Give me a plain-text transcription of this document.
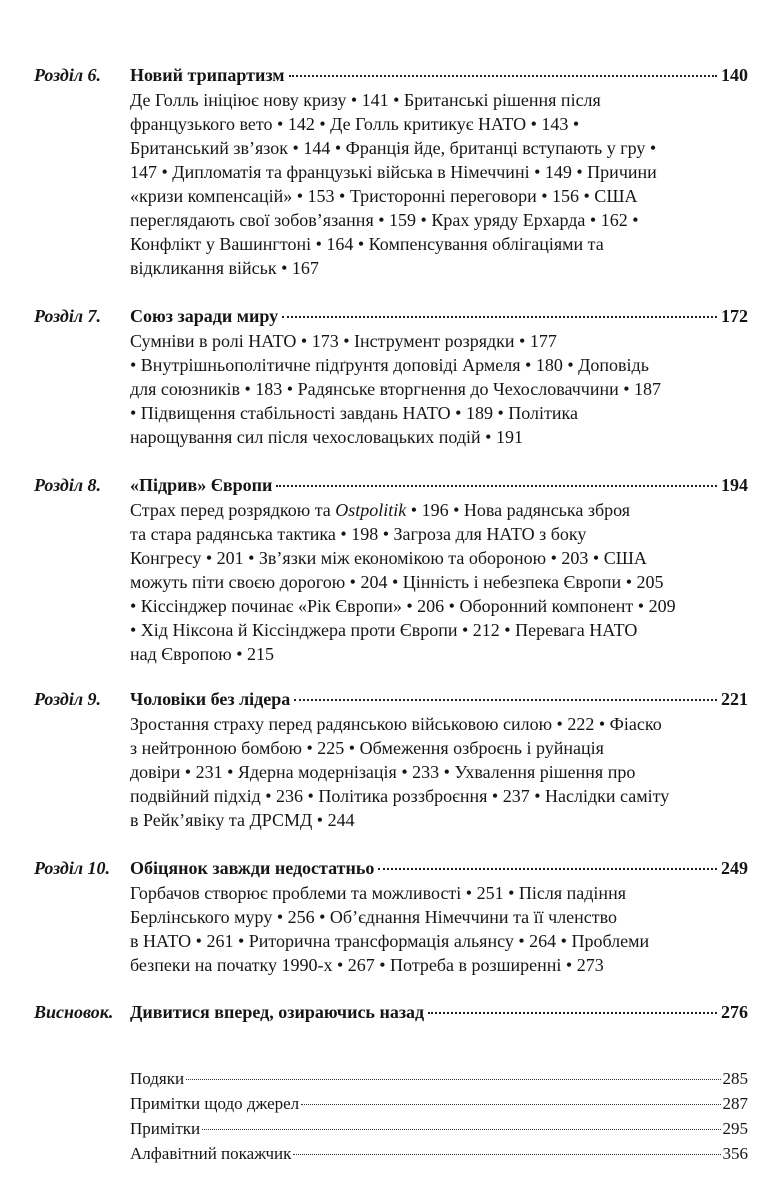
Розділ 6. Новий трипартизм	140
Де Голль ініціює нову кризу • 141 • Британські рішення після
французького вето • 142 • Де Голль критикує НАТО • 143 •
Британський зв’язок • 144 • Франція йде, британці вступають у гру •
147 • Дипломатія та французькі війська в Німеччині • 149 • Причини
«кризи компенсацій» • 153 • Тристоронні переговори • 156 • США
переглядають свої зобов’язання • 159 • Крах уряду Ерхарда • 162 •
Конфлікт у Вашингтоні • 164 • Компенсування облігаціями та
відкликання військ • 167
Розділ 7. Союз заради миру	172
Сумніви в ролі НАТО • 173 • Інструмент розрядки • 177
• Внутрішньополітичне підґрунтя доповіді Армеля • 180 • Доповідь
для союзників • 183 • Радянське вторгнення до Чехословаччини • 187
• Підвищення стабільності завдань НАТО • 189 • Політика
нарощування сил після чехословацьких подій • 191
Розділ 8. «Підрив» Європи	194
Страх перед розрядкою та Ostpolitik • 196 • Нова радянська зброя
та стара радянська тактика • 198 • Загроза для НАТО з боку
Конгресу • 201 • Зв’язки між економікою та обороною • 203 • США
можуть піти своєю дорогою • 204 • Цінність і небезпека Європи • 205
• Кіссінджер починає «Рік Європи» • 206 • Оборонний компонент • 209
• Хід Ніксона й Кіссінджера проти Європи • 212 • Перевага НАТО
над Європою • 215
Розділ 9. Чоловіки без лідера	221
Зростання страху перед радянською військовою силою • 222 • Фіаско
з нейтронною бомбою • 225 • Обмеження озброєнь і руйнація
довіри • 231 • Ядерна модернізація • 233 • Ухвалення рішення про
подвійний підхід • 236 • Політика роззброєння • 237 • Наслідки саміту
в Рейк’явіку та ДРСМД • 244
Розділ 10. Обіцянок завжди недостатньо	249
Горбачов створює проблеми та можливості • 251 • Після падіння
Берлінського муру • 256 • Об’єднання Німеччини та її членство
в НАТО • 261 • Риторична трансформація альянсу • 264 • Проблеми
безпеки на початку 1990-х • 267 • Потреба в розширенні • 273
Висновок. Дивитися вперед, озираючись назад	276
Подяки	285
Примітки щодо джерел	287
Примітки	295
Алфавітний покажчик	356
